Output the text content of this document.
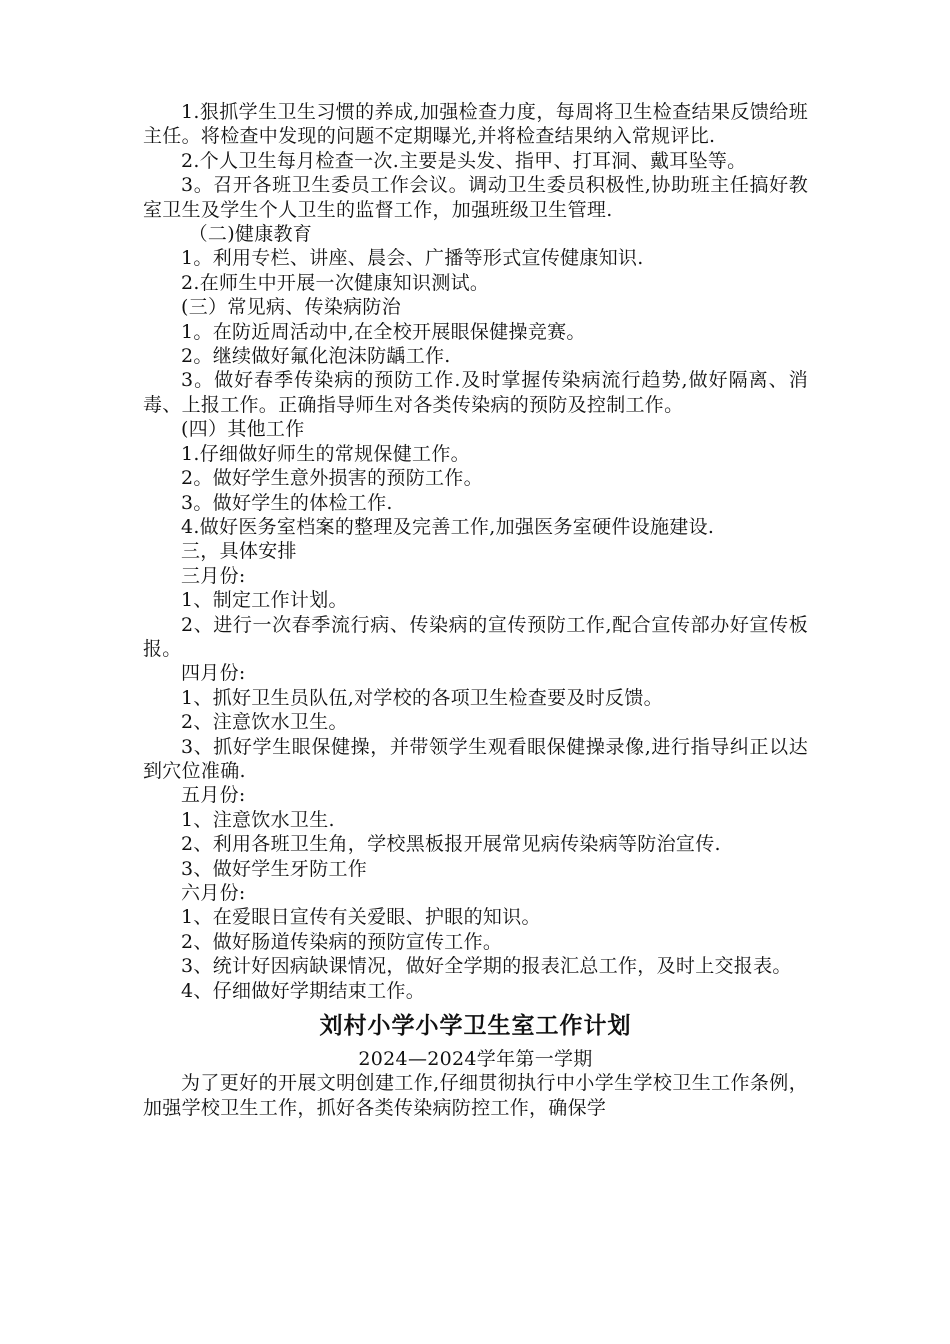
1.狠抓学生卫生习惯的养成,加强检查力度，每周将卫生检查结果反馈给班主任。将检查中发现的问题不定期曝光,并将检查结果纳入常规评比.

2.个人卫生每月检查一次.主要是头发、指甲、打耳洞、戴耳坠等。

3。召开各班卫生委员工作会议。调动卫生委员积极性,协助班主任搞好教室卫生及学生个人卫生的监督工作，加强班级卫生管理.

（二)健康教育

1。利用专栏、讲座、晨会、广播等形式宣传健康知识.

2.在师生中开展一次健康知识测试。

(三）常见病、传染病防治

1。在防近周活动中,在全校开展眼保健操竞赛。

2。继续做好氟化泡沫防龋工作.

3。做好春季传染病的预防工作.及时掌握传染病流行趋势,做好隔离、消毒、上报工作。正确指导师生对各类传染病的预防及控制工作。

(四）其他工作

1.仔细做好师生的常规保健工作。

2。做好学生意外损害的预防工作。

3。做好学生的体检工作.

4.做好医务室档案的整理及完善工作,加强医务室硬件设施建设.

三，具体安排

三月份:

1、制定工作计划。

2、进行一次春季流行病、传染病的宣传预防工作,配合宣传部办好宣传板报。

四月份:

1、抓好卫生员队伍,对学校的各项卫生检查要及时反馈。

2、注意饮水卫生。

3、抓好学生眼保健操，并带领学生观看眼保健操录像,进行指导纠正以达到穴位准确.

五月份:

1、注意饮水卫生.

2、利用各班卫生角，学校黑板报开展常见病传染病等防治宣传.

3、做好学生牙防工作

六月份:

1、在爱眼日宣传有关爱眼、护眼的知识。

2、做好肠道传染病的预防宣传工作。

3、统计好因病缺课情况，做好全学期的报表汇总工作，及时上交报表。

4、仔细做好学期结束工作。

刘村小学小学卫生室工作计划

2024—2024学年第一学期

为了更好的开展文明创建工作,仔细贯彻执行中小学生学校卫生工作条例，加强学校卫生工作，抓好各类传染病防控工作，确保学
